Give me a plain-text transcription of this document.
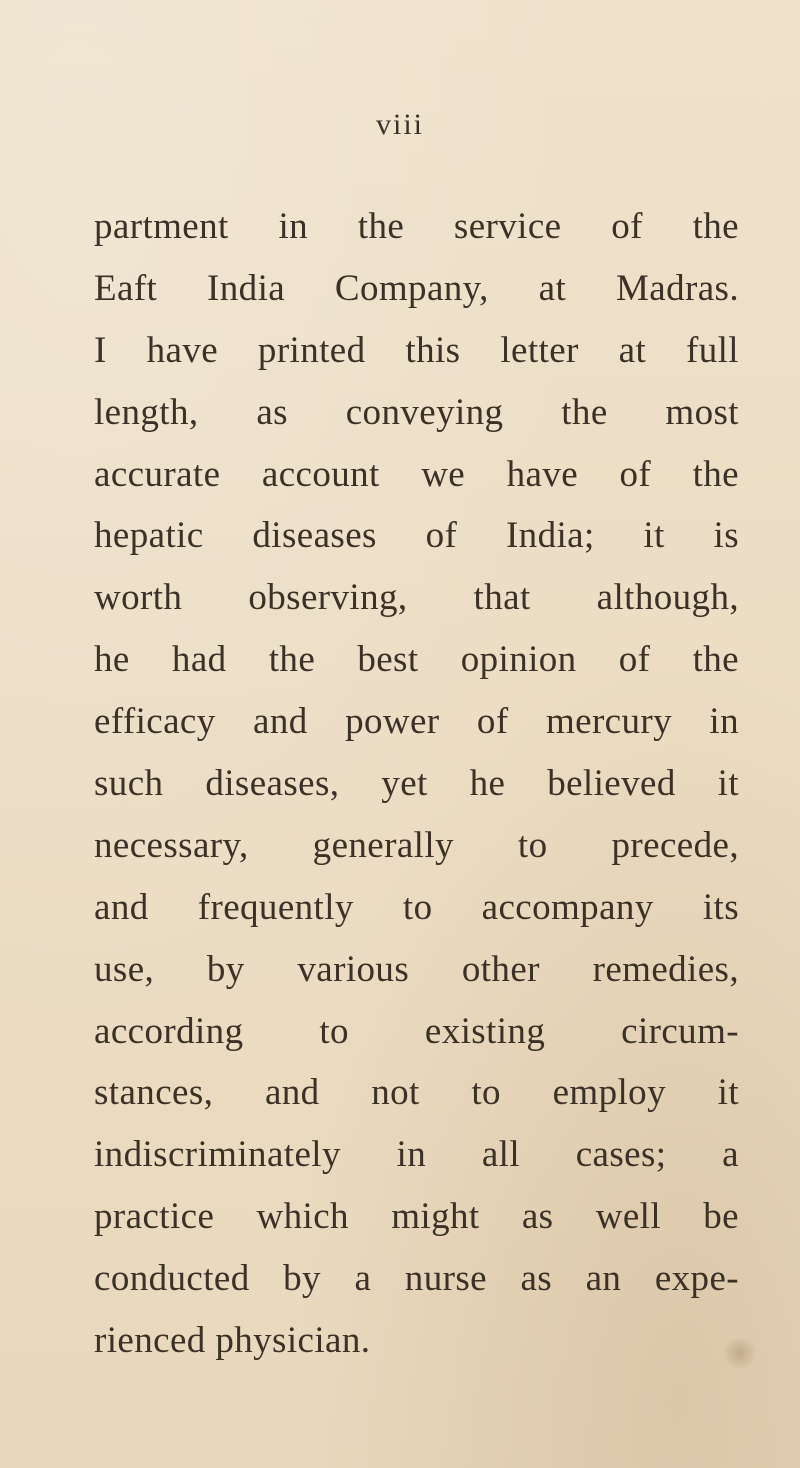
viii
partment in the service of the
Eaft India Company, at Madras.
I have printed this letter at full
length, as conveying the most
accurate account we have of the
hepatic diseases of India; it is
worth observing, that although,
he had the best opinion of the
efficacy and power of mercury in
such diseases, yet he believed it
necessary, generally to precede,
and frequently to accompany its
use, by various other remedies,
according to existing circum-
stances, and not to employ it
indiscriminately in all cases; a
practice which might as well be
conducted by a nurse as an expe-
rienced physician.
